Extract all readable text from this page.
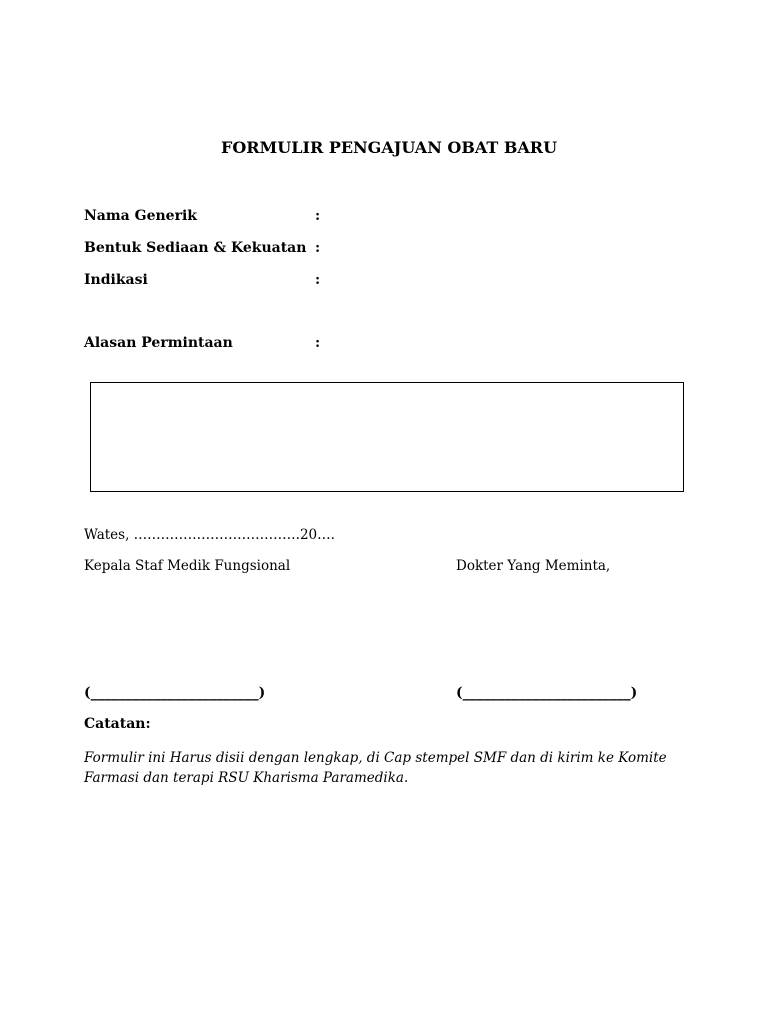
FORMULIR PENGAJUAN OBAT BARU
Nama Generik	:
Bentuk Sediaan & Kekuatan :
Indikasi	:
Alasan Permintaan	:
Wates, ……………………………….20….
Kepala Staf Medik Fungsional	Dokter Yang Meminta,
(________________________)	(________________________)
Catatan:
Formulir ini Harus disii dengan lengkap, di Cap stempel SMF dan di kirim ke Komite Farmasi dan terapi RSU Kharisma Paramedika.
